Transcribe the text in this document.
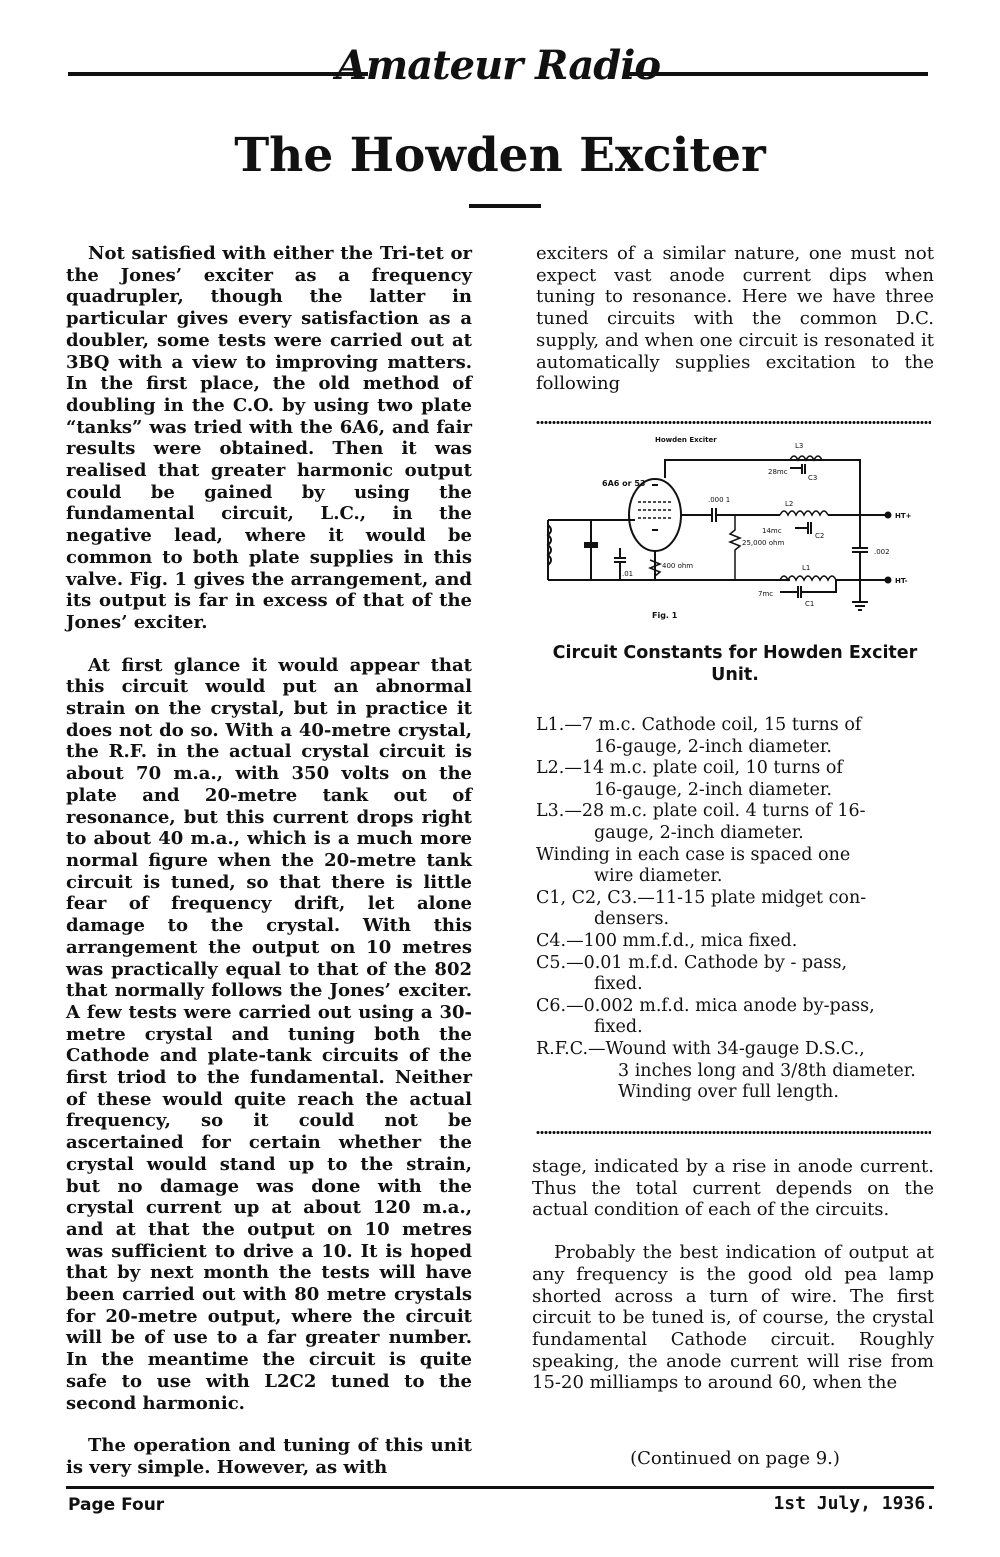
Amateur Radio
The Howden Exciter

Not satisfied with either the Tri-tet or the Jones’ exciter as a frequency quadrupler, though the latter in particular gives every satisfaction as a doubler, some tests were carried out at 3BQ with a view to improving matters. In the first place, the old method of doubling in the C.O. by using two plate “tanks” was tried with the 6A6, and fair results were obtained. Then it was realised that greater harmonic output could be gained by using the fundamental circuit, L.C., in the negative lead, where it would be common to both plate supplies in this valve. Fig. 1 gives the arrangement, and its output is far in excess of that of the Jones’ exciter.

At first glance it would appear that this circuit would put an abnormal strain on the crystal, but in practice it does not do so. With a 40-metre crystal, the R.F. in the actual crystal circuit is about 70 m.a., with 350 volts on the plate and 20-metre tank out of resonance, but this current drops right to about 40 m.a., which is a much more normal figure when the 20-metre tank circuit is tuned, so that there is little fear of frequency drift, let alone damage to the crystal. With this arrangement the output on 10 metres was practically equal to that of the 802 that normally follows the Jones’ exciter. A few tests were carried out using a 30-metre crystal and tuning both the Cathode and plate-tank circuits of the first triod to the fundamental. Neither of these would quite reach the actual frequency, so it could not be ascertained for certain whether the crystal would stand up to the strain, but no damage was done with the crystal current up at about 120 m.a., and at that the output on 10 metres was sufficient to drive a 10. It is hoped that by next month the tests will have been carried out with 80 metre crystals for 20-metre output, where the circuit will be of use to a far greater number. In the meantime the circuit is quite safe to use with L2C2 tuned to the second harmonic.

The operation and tuning of this unit is very simple. However, as with

exciters of a similar nature, one must not expect vast anode current dips when tuning to resonance. Here we have three tuned circuits with the common D.C. supply, and when one circuit is resonated it automatically supplies excitation to the following

Howden Exciter
6A6 or 53
400 ohm
.01
.000 1
25,000 ohm
L3
28mc
C3
L2
14mc
C2
.002
HT+
HT-
L1
7mc
C1
Fig. 1
Circuit Constants for Howden Exciter Unit.
L1.—7 m.c. Cathode coil, 15 turns of
16-gauge, 2-inch diameter.
L2.—14 m.c. plate coil, 10 turns of
16-gauge, 2-inch diameter.
L3.—28 m.c. plate coil. 4 turns of 16-
gauge, 2-inch diameter.
Winding in each case is spaced one
wire diameter.
C1, C2, C3.—11-15 plate midget con-
densers.
C4.—100 mm.f.d., mica fixed.
C5.—0.01 m.f.d. Cathode by - pass,
fixed.
C6.—0.002 m.f.d. mica anode by-pass,
fixed.
R.F.C.—Wound with 34-gauge D.S.C.,
3 inches long and 3/8th diameter. Winding over full length.

stage, indicated by a rise in anode current. Thus the total current depends on the actual condition of each of the circuits.

Probably the best indication of output at any frequency is the good old pea lamp shorted across a turn of wire. The first circuit to be tuned is, of course, the crystal fundamental Cathode circuit. Roughly speaking, the anode current will rise from 15-20 milliamps to around 60, when the

(Continued on page 9.)
Page Four	1st July, 1936.
